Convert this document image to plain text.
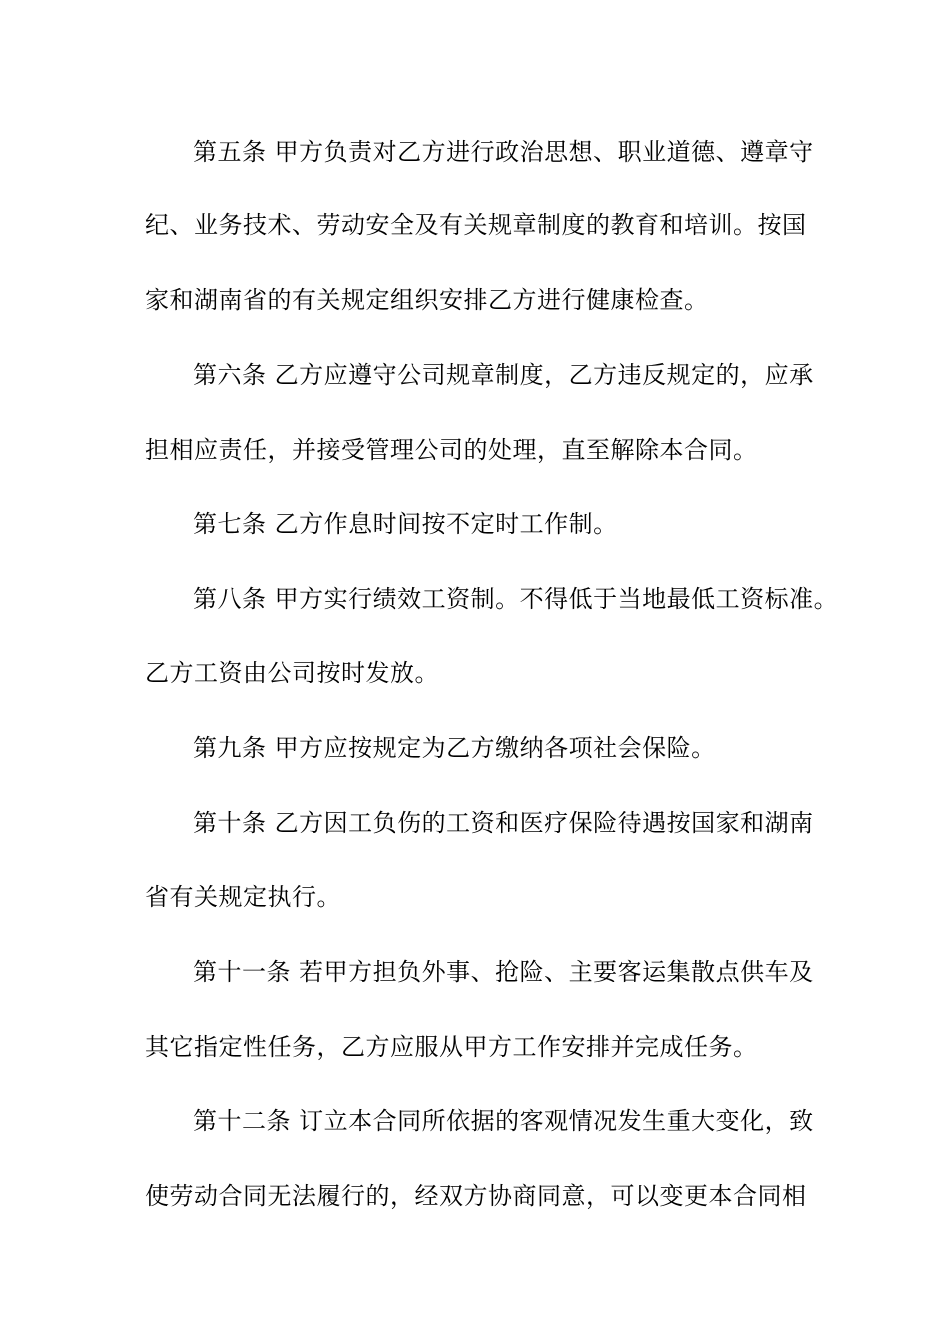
第五条 甲方负责对乙方进行政治思想、职业道德、遵章守

纪、业务技术、劳动安全及有关规章制度的教育和培训。按国

家和湖南省的有关规定组织安排乙方进行健康检查。

第六条 乙方应遵守公司规章制度，乙方违反规定的，应承

担相应责任，并接受管理公司的处理，直至解除本合同。

第七条 乙方作息时间按不定时工作制。

第八条 甲方实行绩效工资制。不得低于当地最低工资标准。

乙方工资由公司按时发放。

第九条 甲方应按规定为乙方缴纳各项社会保险。

第十条 乙方因工负伤的工资和医疗保险待遇按国家和湖南

省有关规定执行。

第十一条 若甲方担负外事、抢险、主要客运集散点供车及

其它指定性任务，乙方应服从甲方工作安排并完成任务。

第十二条 订立本合同所依据的客观情况发生重大变化，致

使劳动合同无法履行的，经双方协商同意，可以变更本合同相
